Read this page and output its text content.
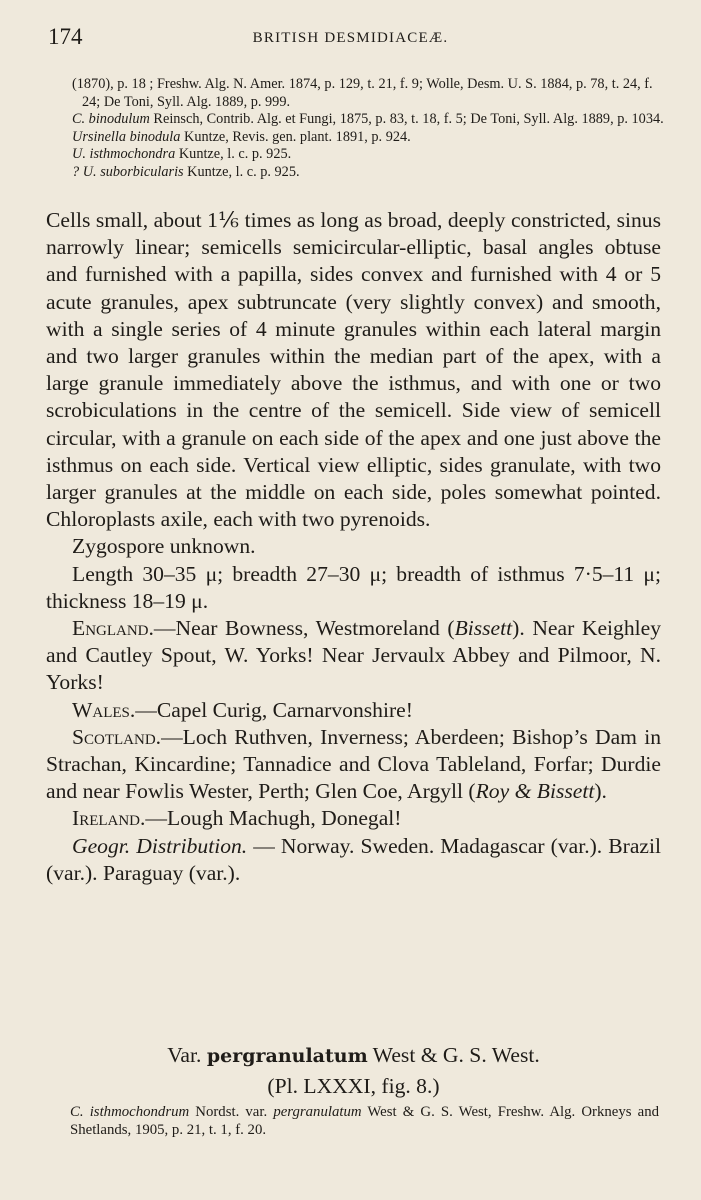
174	BRITISH DESMIDIACEÆ.
(1870), p. 18 ; Freshw. Alg. N. Amer. 1874, p. 129, t. 21, f. 9; Wolle, Desm. U. S. 1884, p. 78, t. 24, f. 24; De Toni, Syll. Alg. 1889, p. 999.
C. binodulum Reinsch, Contrib. Alg. et Fungi, 1875, p. 83, t. 18, f. 5; De Toni, Syll. Alg. 1889, p. 1034.
Ursinella binodula Kuntze, Revis. gen. plant. 1891, p. 924.
U. isthmochondra Kuntze, l. c. p. 925.
? U. suborbicularis Kuntze, l. c. p. 925.

Cells small, about 1⅙ times as long as broad, deeply constricted, sinus narrowly linear; semicells semicircular-elliptic, basal angles obtuse and furnished with a papilla, sides convex and furnished with 4 or 5 acute granules, apex subtruncate (very slightly convex) and smooth, with a single series of 4 minute granules within each lateral margin and two larger granules within the median part of the apex, with a large granule immediately above the isthmus, and with one or two scrobiculations in the centre of the semicell. Side view of semicell circular, with a granule on each side of the apex and one just above the isthmus on each side. Vertical view elliptic, sides granulate, with two larger granules at the middle on each side, poles somewhat pointed. Chloroplasts axile, each with two pyrenoids.

Zygospore unknown.

Length 30–35 μ; breadth 27–30 μ; breadth of isthmus 7·5–11 μ; thickness 18–19 μ.

England.—Near Bowness, Westmoreland (Bissett). Near Keighley and Cautley Spout, W. Yorks! Near Jervaulx Abbey and Pilmoor, N. Yorks!

Wales.—Capel Curig, Carnarvonshire!

Scotland.—Loch Ruthven, Inverness; Aberdeen; Bishop’s Dam in Strachan, Kincardine; Tannadice and Clova Tableland, Forfar; Durdie and near Fowlis Wester, Perth; Glen Coe, Argyll (Roy & Bissett).

Ireland.—Lough Machugh, Donegal!

Geogr. Distribution. — Norway. Sweden. Madagascar (var.). Brazil (var.). Paraguay (var.).

Var. pergranulatum West & G. S. West.
(Pl. LXXXI, fig. 8.)
C. isthmochondrum Nordst. var. pergranulatum West & G. S. West, Freshw. Alg. Orkneys and Shetlands, 1905, p. 21, t. 1, f. 20.
